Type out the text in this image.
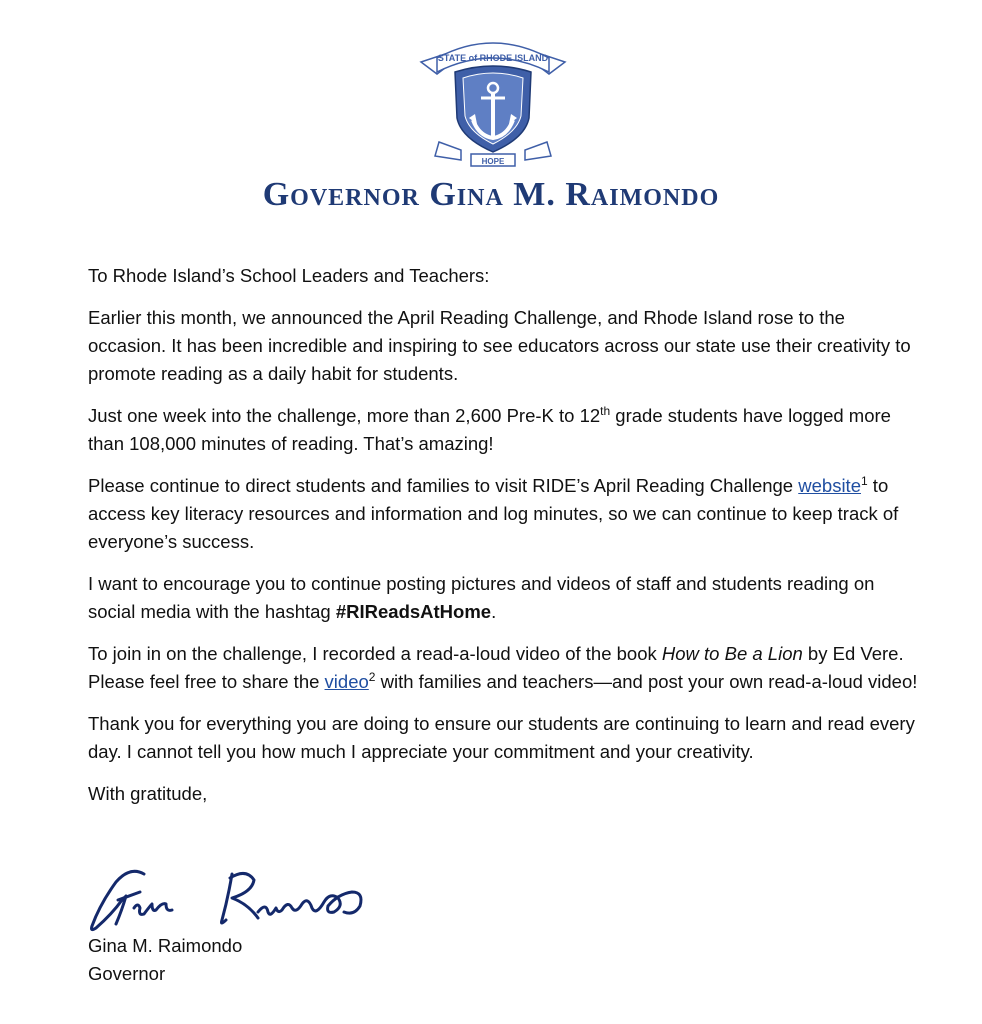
STATE of RHODE ISLAND
HOPE
Governor Gina M. Raimondo

To Rhode Island’s School Leaders and Teachers:

Earlier this month, we announced the April Reading Challenge, and Rhode Island rose to the occasion. It has been incredible and inspiring to see educators across our state use their creativity to promote reading as a daily habit for students.

Just one week into the challenge, more than 2,600 Pre-K to 12th grade students have logged more than 108,000 minutes of reading. That’s amazing!

Please continue to direct students and families to visit RIDE’s April Reading Challenge website$^1$ to access key literacy resources and information and log minutes, so we can continue to keep track of everyone’s success.

I want to encourage you to continue posting pictures and videos of staff and students reading on social media with the hashtag #RIReadsAtHome.

To join in on the challenge, I recorded a read-a-loud video of the book How to Be a Lion by Ed Vere. Please feel free to share the video$^2$ with families and teachers—and post your own read-a-loud video!

Thank you for everything you are doing to ensure our students are continuing to learn and read every day. I cannot tell you how much I appreciate your commitment and your creativity.

With gratitude,

Gina M. Raimondo
Governor
